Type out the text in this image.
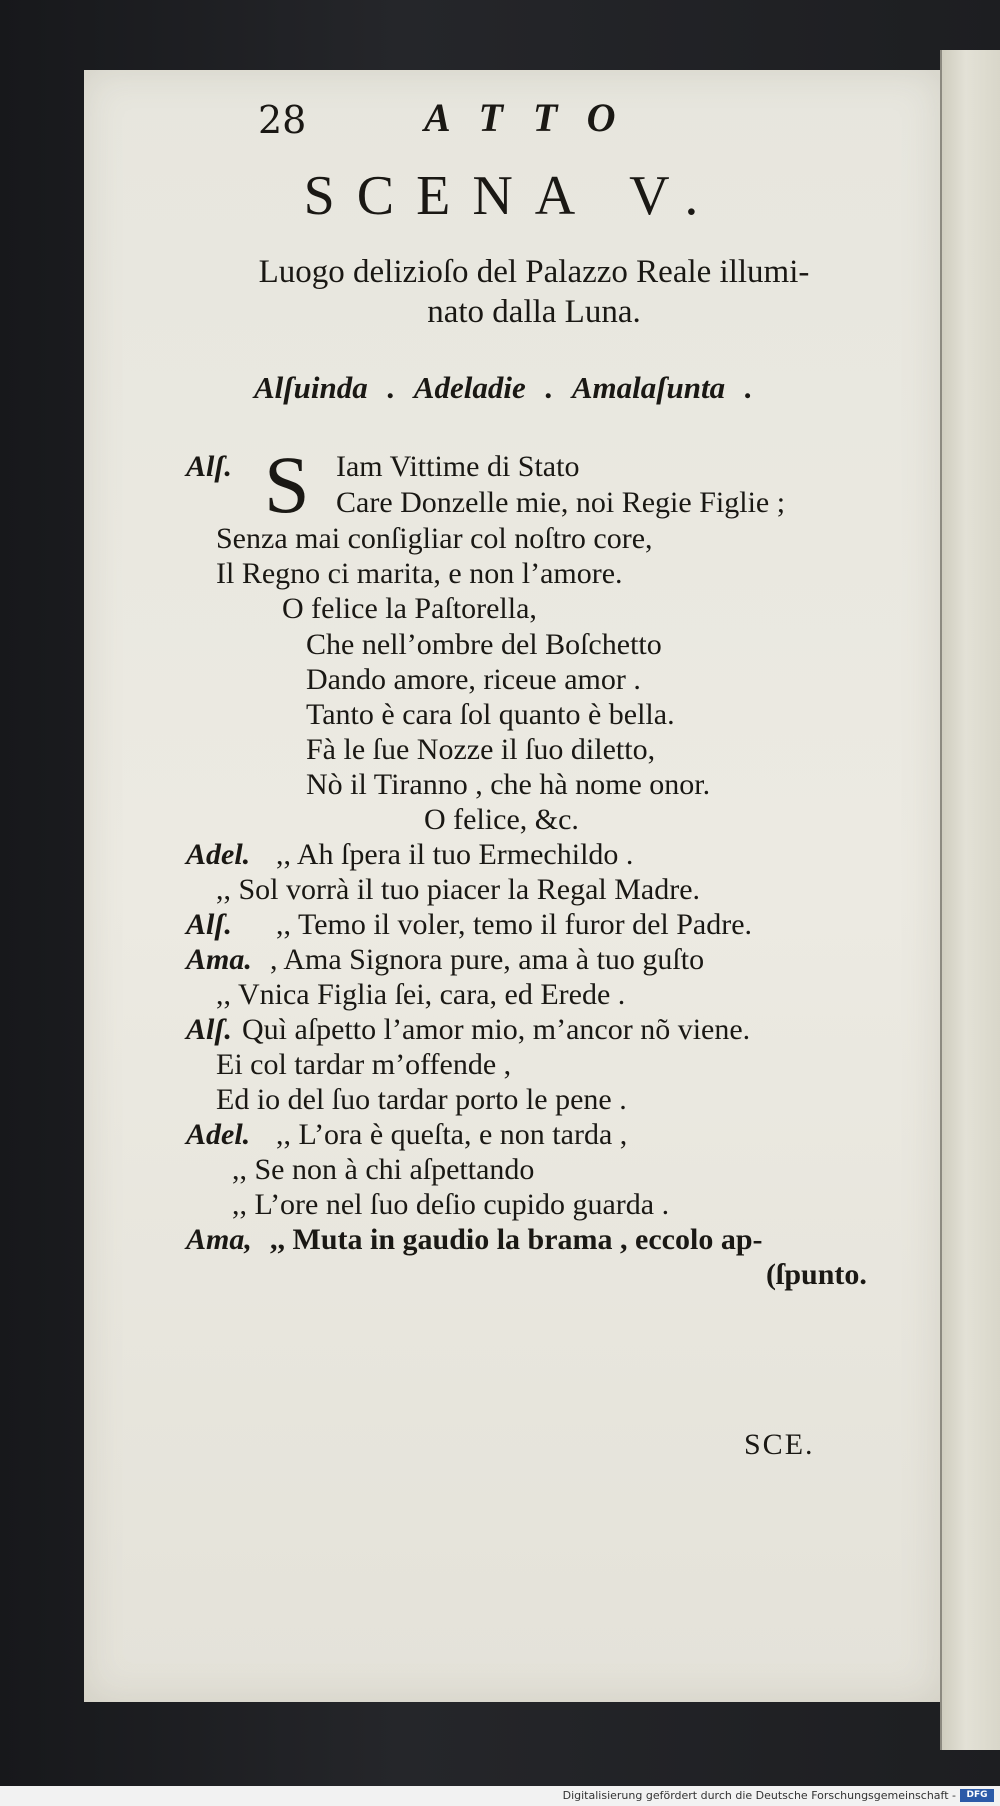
28	ATTO
SCENA V.
Luogo delizioſo del Palazzo Reale illumi-
nato dalla Luna.
Alſuinda . Adeladie . Amalaſunta .
S
Alſ.	Iam Vittime di Stato
Care Donzelle mie, noi Regie Figlie ;
Senza mai conſigliar col noſtro core,
Il Regno ci marita, e non l’amore.
O felice la Paſtorella,
Che nell’ombre del Boſchetto
Dando amore, riceue amor .
Tanto è cara ſol quanto è bella.
Fà le ſue Nozze il ſuo diletto,
Nò il Tiranno , che hà nome onor.
O felice, &c.
Adel. ,, Ah ſpera il tuo Ermechildo .
,, Sol vorrà il tuo piacer la Regal Madre.
Alſ. ,, Temo il voler, temo il furor del Padre.
Ama. , Ama Signora pure, ama à tuo guſto
,, Vnica Figlia ſei, cara, ed Erede .
Alſ. Quì aſpetto l’amor mio, m’ancor nõ viene.
Ei col tardar m’offende ,
Ed io del ſuo tardar porto le pene .
Adel. ,, L’ora è queſta, e non tarda ,
,, Se non à chi aſpettando
,, L’ore nel ſuo deſio cupido guarda .
Ama, ,, Muta in gaudio la brama , eccolo ap-
(ſpunto.
SCE.
Digitalisierung gefördert durch die Deutsche Forschungsgemeinschaft -	DFG
